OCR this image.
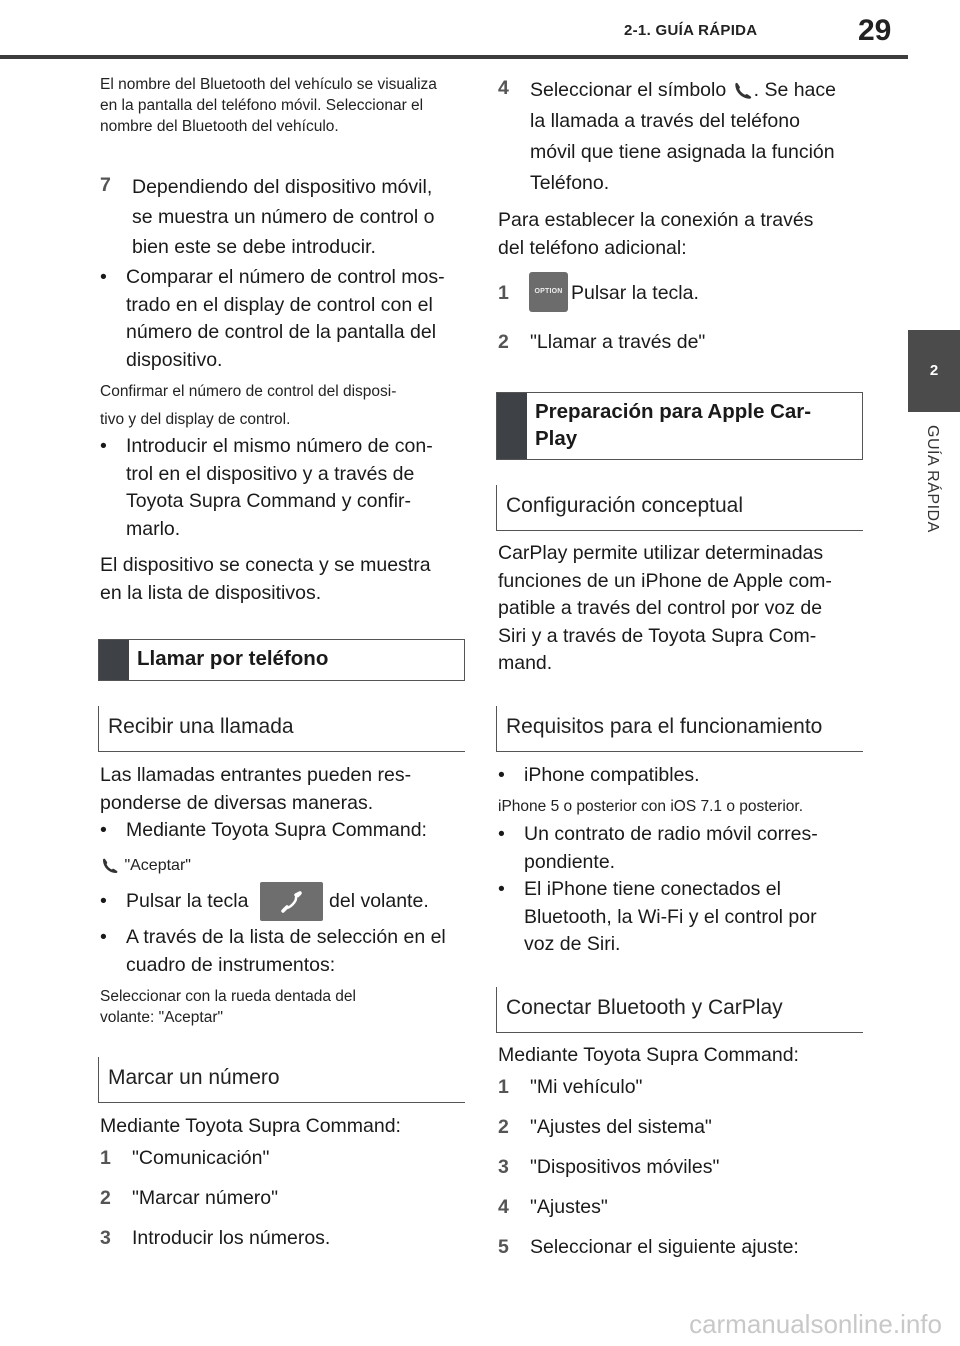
2-1. GUÍA RÁPIDA	29
2
GUÍA RÁPIDA
El nombre del Bluetooth del vehículo se visualiza en la pantalla del teléfono móvil. Seleccionar el nombre del Bluetooth del vehículo.
7 Dependiendo del dispositivo móvil,
se muestra un número de control o
bien este se debe introducir.
• Comparar el número de control mos-
trado en el display de control con el
número de control de la pantalla del
dispositivo.
Confirmar el número de control del disposi-
tivo y del display de control.
• Introducir el mismo número de con-
trol en el dispositivo y a través de
Toyota Supra Command y confir-
marlo.
El dispositivo se conecta y se muestra
en la lista de dispositivos.
Llamar por teléfono
Recibir una llamada
Las llamadas entrantes pueden res-
ponderse de diversas maneras.
• Mediante Toyota Supra Command:
"Aceptar"
• Pulsar la tecla	del volante.
• A través de la lista de selección en el
cuadro de instrumentos:
Seleccionar con la rueda dentada del
volante: "Aceptar"
Marcar un número
Mediante Toyota Supra Command:
1 "Comunicación"
2 "Marcar número"
3 Introducir los números.
4 Seleccionar el símbolo . Se hace
la llamada a través del teléfono
móvil que tiene asignada la función
Teléfono.
Para establecer la conexión a través
del teléfono adicional:
1	OPTION Pulsar la tecla.
2 "Llamar a través de"
Preparación para Apple Car-
Play
Configuración conceptual
CarPlay permite utilizar determinadas
funciones de un iPhone de Apple com-
patible a través del control por voz de
Siri y a través de Toyota Supra Com-
mand.
Requisitos para el funcionamiento
• iPhone compatibles.
iPhone 5 o posterior con iOS 7.1 o posterior.
• Un contrato de radio móvil corres-
pondiente.
• El iPhone tiene conectados el
Bluetooth, la Wi-Fi y el control por
voz de Siri.
Conectar Bluetooth y CarPlay
Mediante Toyota Supra Command:
1 "Mi vehículo"
2 "Ajustes del sistema"
3 "Dispositivos móviles"
4 "Ajustes"
5 Seleccionar el siguiente ajuste:
carmanualsonline.info
